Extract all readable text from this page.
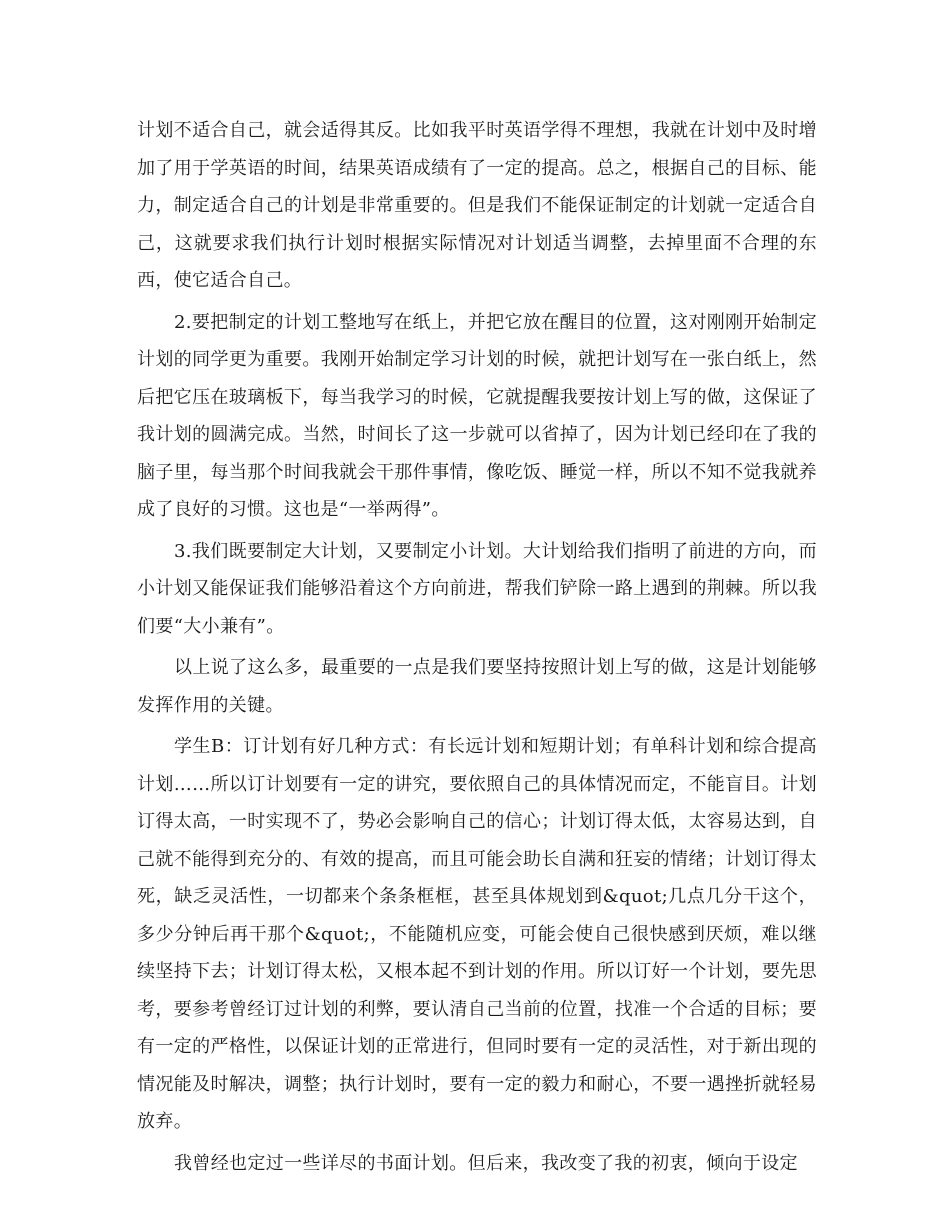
计划不适合自己，就会适得其反。比如我平时英语学得不理想，我就在计划中及时增加了用于学英语的时间，结果英语成绩有了一定的提高。总之，根据自己的目标、能力，制定适合自己的计划是非常重要的。但是我们不能保证制定的计划就一定适合自己，这就要求我们执行计划时根据实际情况对计划适当调整，去掉里面不合理的东西，使它适合自己。

2.要把制定的计划工整地写在纸上，并把它放在醒目的位置，这对刚刚开始制定计划的同学更为重要。我刚开始制定学习计划的时候，就把计划写在一张白纸上，然后把它压在玻璃板下，每当我学习的时候，它就提醒我要按计划上写的做，这保证了我计划的圆满完成。当然，时间长了这一步就可以省掉了，因为计划已经印在了我的脑子里，每当那个时间我就会干那件事情，像吃饭、睡觉一样，所以不知不觉我就养成了良好的习惯。这也是“一举两得”。

3.我们既要制定大计划，又要制定小计划。大计划给我们指明了前进的方向，而小计划又能保证我们能够沿着这个方向前进，帮我们铲除一路上遇到的荆棘。所以我们要“大小兼有”。

以上说了这么多，最重要的一点是我们要坚持按照计划上写的做，这是计划能够发挥作用的关键。

学生B：订计划有好几种方式：有长远计划和短期计划；有单科计划和综合提高计划……所以订计划要有一定的讲究，要依照自己的具体情况而定，不能盲目。计划订得太高，一时实现不了，势必会影响自己的信心；计划订得太低，太容易达到，自己就不能得到充分的、有效的提高，而且可能会助长自满和狂妄的情绪；计划订得太死，缺乏灵活性，一切都来个条条框框，甚至具体规划到&quot;几点几分干这个，多少分钟后再干那个&quot;，不能随机应变，可能会使自己很快感到厌烦，难以继续坚持下去；计划订得太松，又根本起不到计划的作用。所以订好一个计划，要先思考，要参考曾经订过计划的利弊，要认清自己当前的位置，找准一个合适的目标；要有一定的严格性，以保证计划的正常进行，但同时要有一定的灵活性，对于新出现的情况能及时解决，调整；执行计划时，要有一定的毅力和耐心，不要一遇挫折就轻易放弃。

我曾经也定过一些详尽的书面计划。但后来，我改变了我的初衷，倾向于设定
